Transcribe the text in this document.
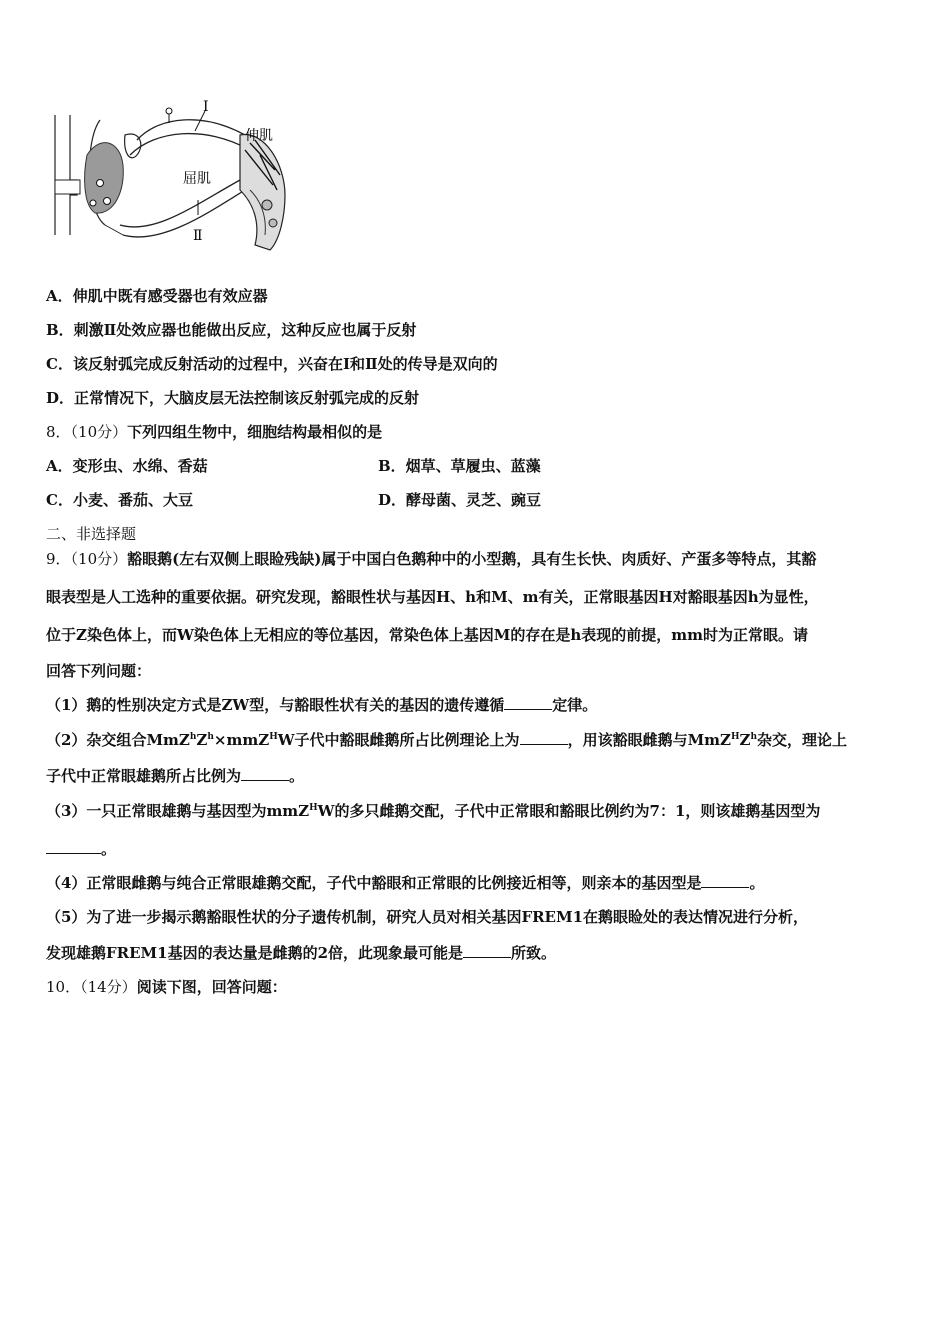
Ⅰ
Ⅱ
伸肌
屈肌
A．伸肌中既有感受器也有效应器
B．刺激Ⅱ处效应器也能做出反应，这种反应也属于反射
C．该反射弧完成反射活动的过程中，兴奋在Ⅰ和Ⅱ处的传导是双向的
D．正常情况下，大脑皮层无法控制该反射弧完成的反射
8．（10分）下列四组生物中，细胞结构最相似的是
A．变形虫、水绵、香菇	B．烟草、草履虫、蓝藻
C．小麦、番茄、大豆	D．酵母菌、灵芝、豌豆
二、非选择题
9．（10分）豁眼鹅(左右双侧上眼睑残缺)属于中国白色鹅种中的小型鹅，具有生长快、肉质好、产蛋多等特点，其豁
眼表型是人工选种的重要依据。研究发现，豁眼性状与基因H、h和M、m有关，正常眼基因H对豁眼基因h为显性，
位于Z染色体上，而W染色体上无相应的等位基因，常染色体上基因M的存在是h表现的前提，mm时为正常眼。请
回答下列问题：
（1）鹅的性别决定方式是ZW型，与豁眼性状有关的基因的遗传遵循	定律。
（2）杂交组合$MmZ^hZ^h\times mmZ^HW$子代中豁眼雌鹅所占比例理论上为	，用该豁眼雌鹅与$MmZ^HZ^h$杂交，理论上
子代中正常眼雄鹅所占比例为	。
（3）一只正常眼雄鹅与基因型为mmZ$^H$W的多只雌鹅交配，子代中正常眼和豁眼比例约为7：1，则该雄鹅基因型为
。
（4）正常眼雌鹅与纯合正常眼雄鹅交配，子代中豁眼和正常眼的比例接近相等，则亲本的基因型是	。
（5）为了进一步揭示鹅豁眼性状的分子遗传机制，研究人员对相关基因FREM1在鹅眼睑处的表达情况进行分析，
发现雄鹅FREM1基因的表达量是雌鹅的2倍，此现象最可能是	所致。
10．（14分）阅读下图，回答问题：
